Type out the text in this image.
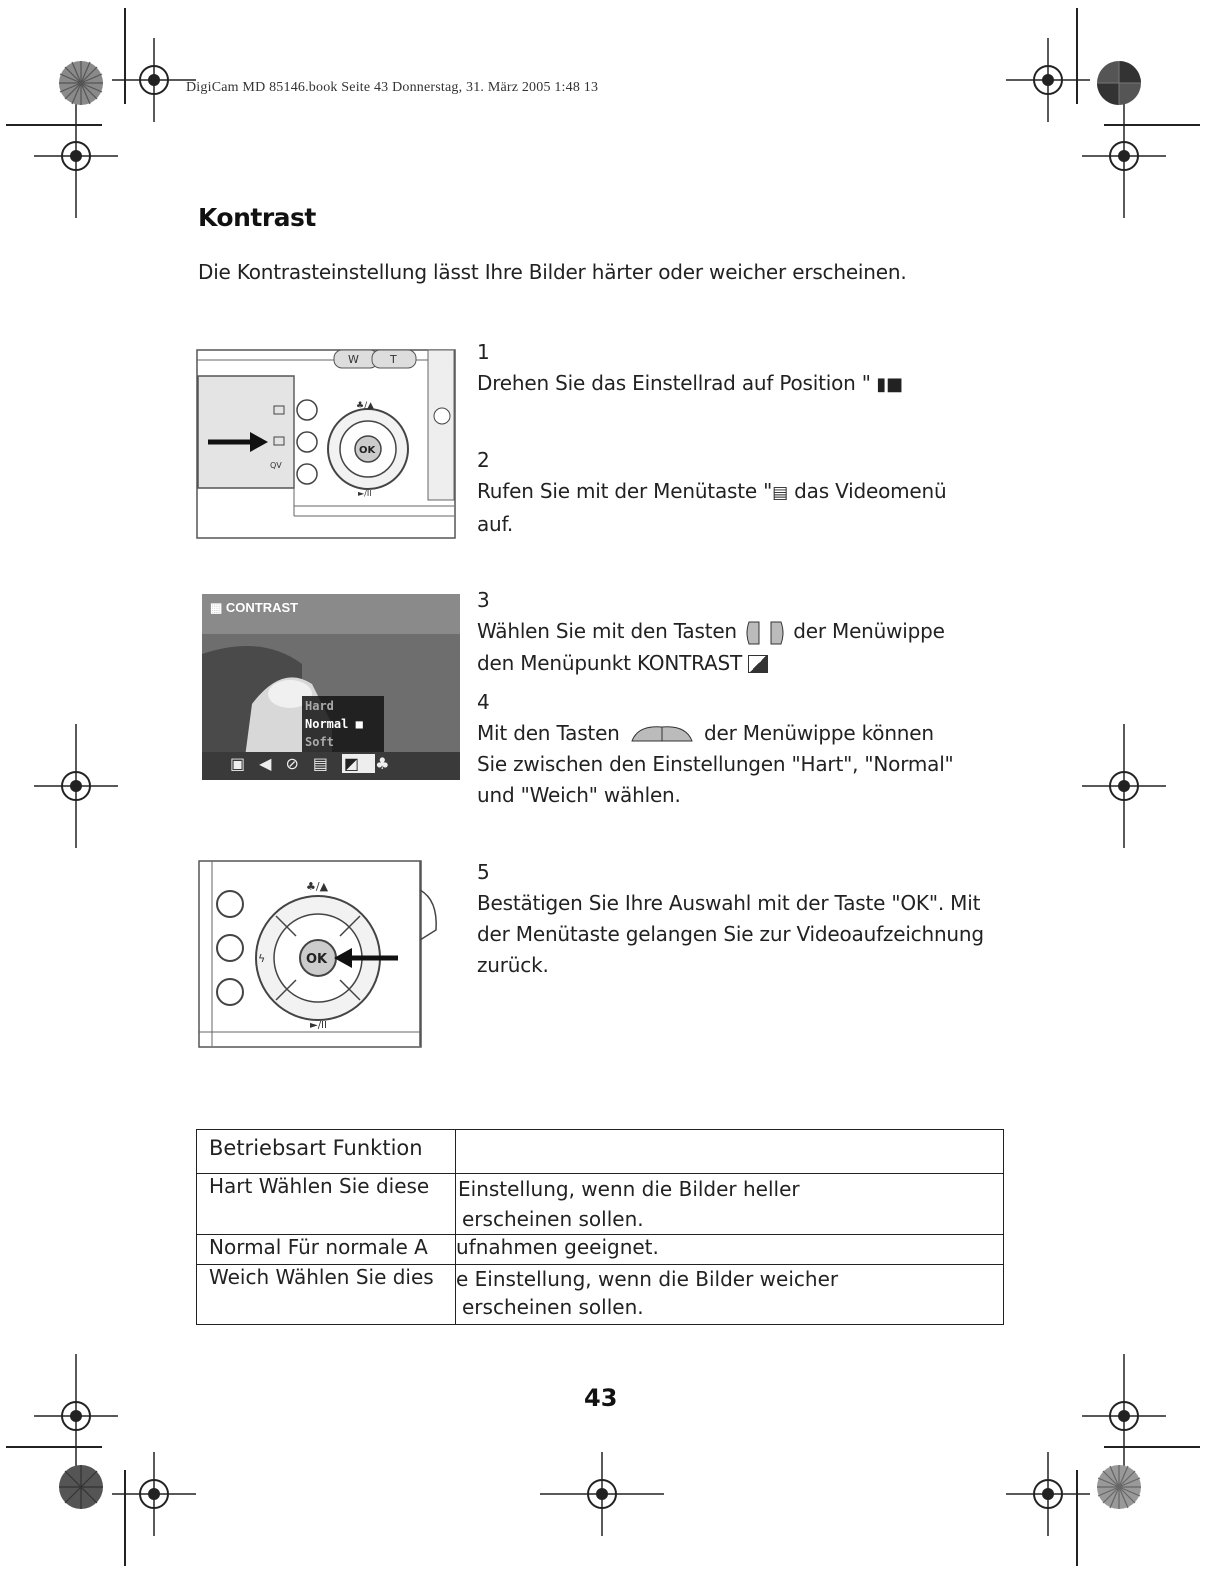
DigiCam MD 85146.book Seite 43 Donnerstag, 31. März 2005 1:48 13
Kontrast
Die Kontrasteinstellung lässt Ihre Bilder härter oder weicher erscheinen.
W	T
QV
OK
♣/▲
►/II
▦ CONTRAST
Hard
Normal ■
Soft
▣◀⊘▤ ◩ ♣
OK
♣/▲
ϟ
►/II
1
Drehen Sie das Einstellrad auf Position " ▮■
2
Rufen Sie mit der Menütaste "▤ das Videomenü
auf.
3
Wählen Sie mit den Tasten  der Menüwippe
den Menüpunkt KONTRAST

4
Mit den Tasten	der Menüwippe können
Sie zwischen den Einstellungen "Hart", "Normal"
und "Weich" wählen.
5
Bestätigen Sie Ihre Auswahl mit der Taste "OK". Mit
der Menütaste gelangen Sie zur Videoaufzeichnung
zurück.
Betriebsart Funktion	
Hart Wählen Sie diese	Einstellung, wenn die Bilder heller
erscheinen sollen.
Normal Für normale A	ufnahmen geeignet.
Weich Wählen Sie dies	e Einstellung, wenn die Bilder weicher
erscheinen sollen.
43
